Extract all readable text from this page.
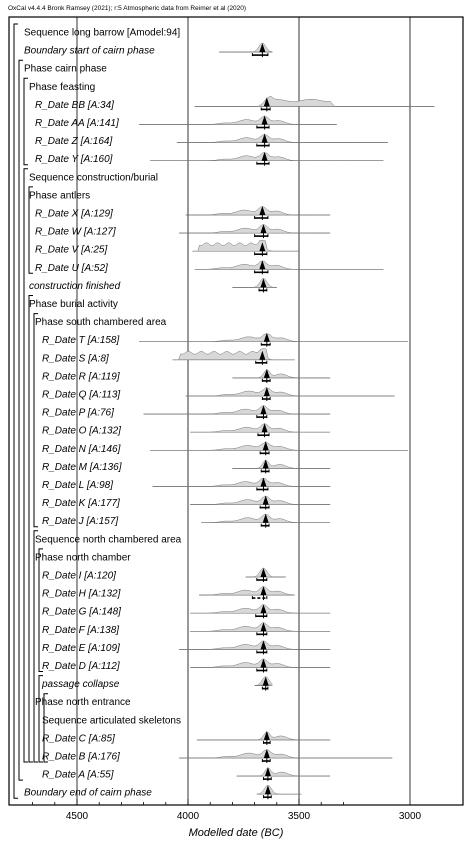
OxCal v4.4.4 Bronk Ramsey (2021); r:5 Atmospheric data from Reimer et al (2020)
Sequence long barrow [Amodel:94]
Boundary start of cairn phase
Phase cairn phase
Phase feasting
R_Date BB [A:34]
R_Date AA [A:141]
R_Date Z [A:164]
R_Date Y [A:160]
Sequence construction/burial
Phase antlers
R_Date X [A:129]
R_Date W [A:127]
R_Date V [A:25]
R_Date U [A:52]
construction finished
Phase burial activity
Phase south chambered area
R_Date T [A:158]
R_Date S [A:8]
R_Date R [A:119]
R_Date Q [A:113]
R_Date P [A:76]
R_Date O [A:132]
R_Date N [A:146]
R_Date M [A:136]
R_Date L [A:98]
R_Date K [A:177]
R_Date J [A:157]
Sequence north chambered area
Phase north chamber
R_Date I [A:120]
R_Date H [A:132]
R_Date G [A:148]
R_Date F [A:138]
R_Date E [A:109]
R_Date D [A:112]
passage collapse
Phase north entrance
Sequence articulated skeletons
R_Date C [A:85]
R_Date B [A:176]
R_Date A [A:55]
Boundary end of cairn phase
4500	4000	3500	3000
Modelled date (BC)
